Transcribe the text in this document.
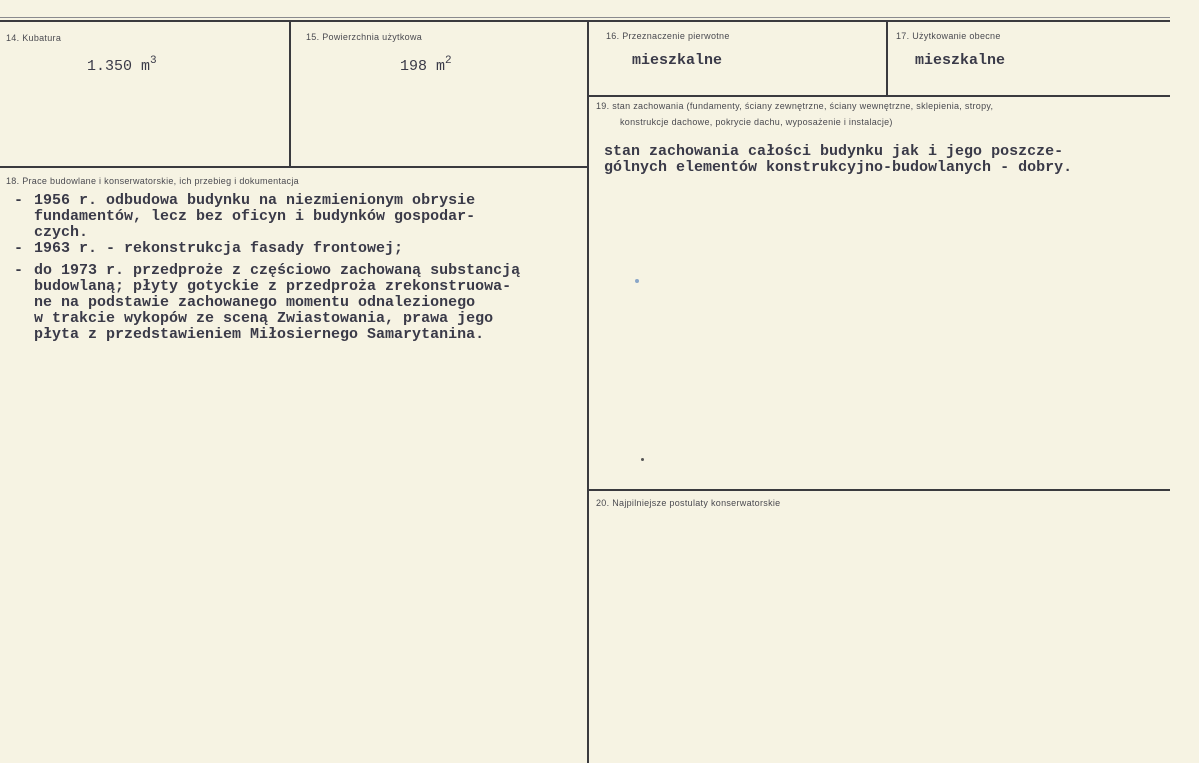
14. Kubatura
1.350 $m^3$
15. Powierzchnia użytkowa
198 $m^2$
16. Przeznaczenie pierwotne
mieszkalne
17. Użytkowanie obecne
mieszkalne
19. stan zachowania (fundamenty, ściany zewnętrzne, ściany wewnętrzne, sklepienia, stropy,
konstrukcje dachowe, pokrycie dachu, wyposażenie i instalacje)
stan zachowania całości budynku jak i jego poszcze-
gólnych elementów konstrukcyjno-budowlanych - dobry.
18. Prace budowlane i konserwatorskie, ich przebieg i dokumentacja
- 1956 r. odbudowa budynku na niezmienionym obrysie
fundamentów, lecz bez oficyn i budynków gospodar-
czych.
- 1963 r. - rekonstrukcja fasady frontowej;
- do 1973 r. przedproże z częściowo zachowaną substancją
budowlaną; płyty gotyckie z przedproża zrekonstruowa-
ne na podstawie zachowanego momentu odnalezionego
w trakcie wykopów ze sceną Zwiastowania, prawa jego
płyta z przedstawieniem Miłosiernego Samarytanina.
20. Najpilniejsze postulaty konserwatorskie
